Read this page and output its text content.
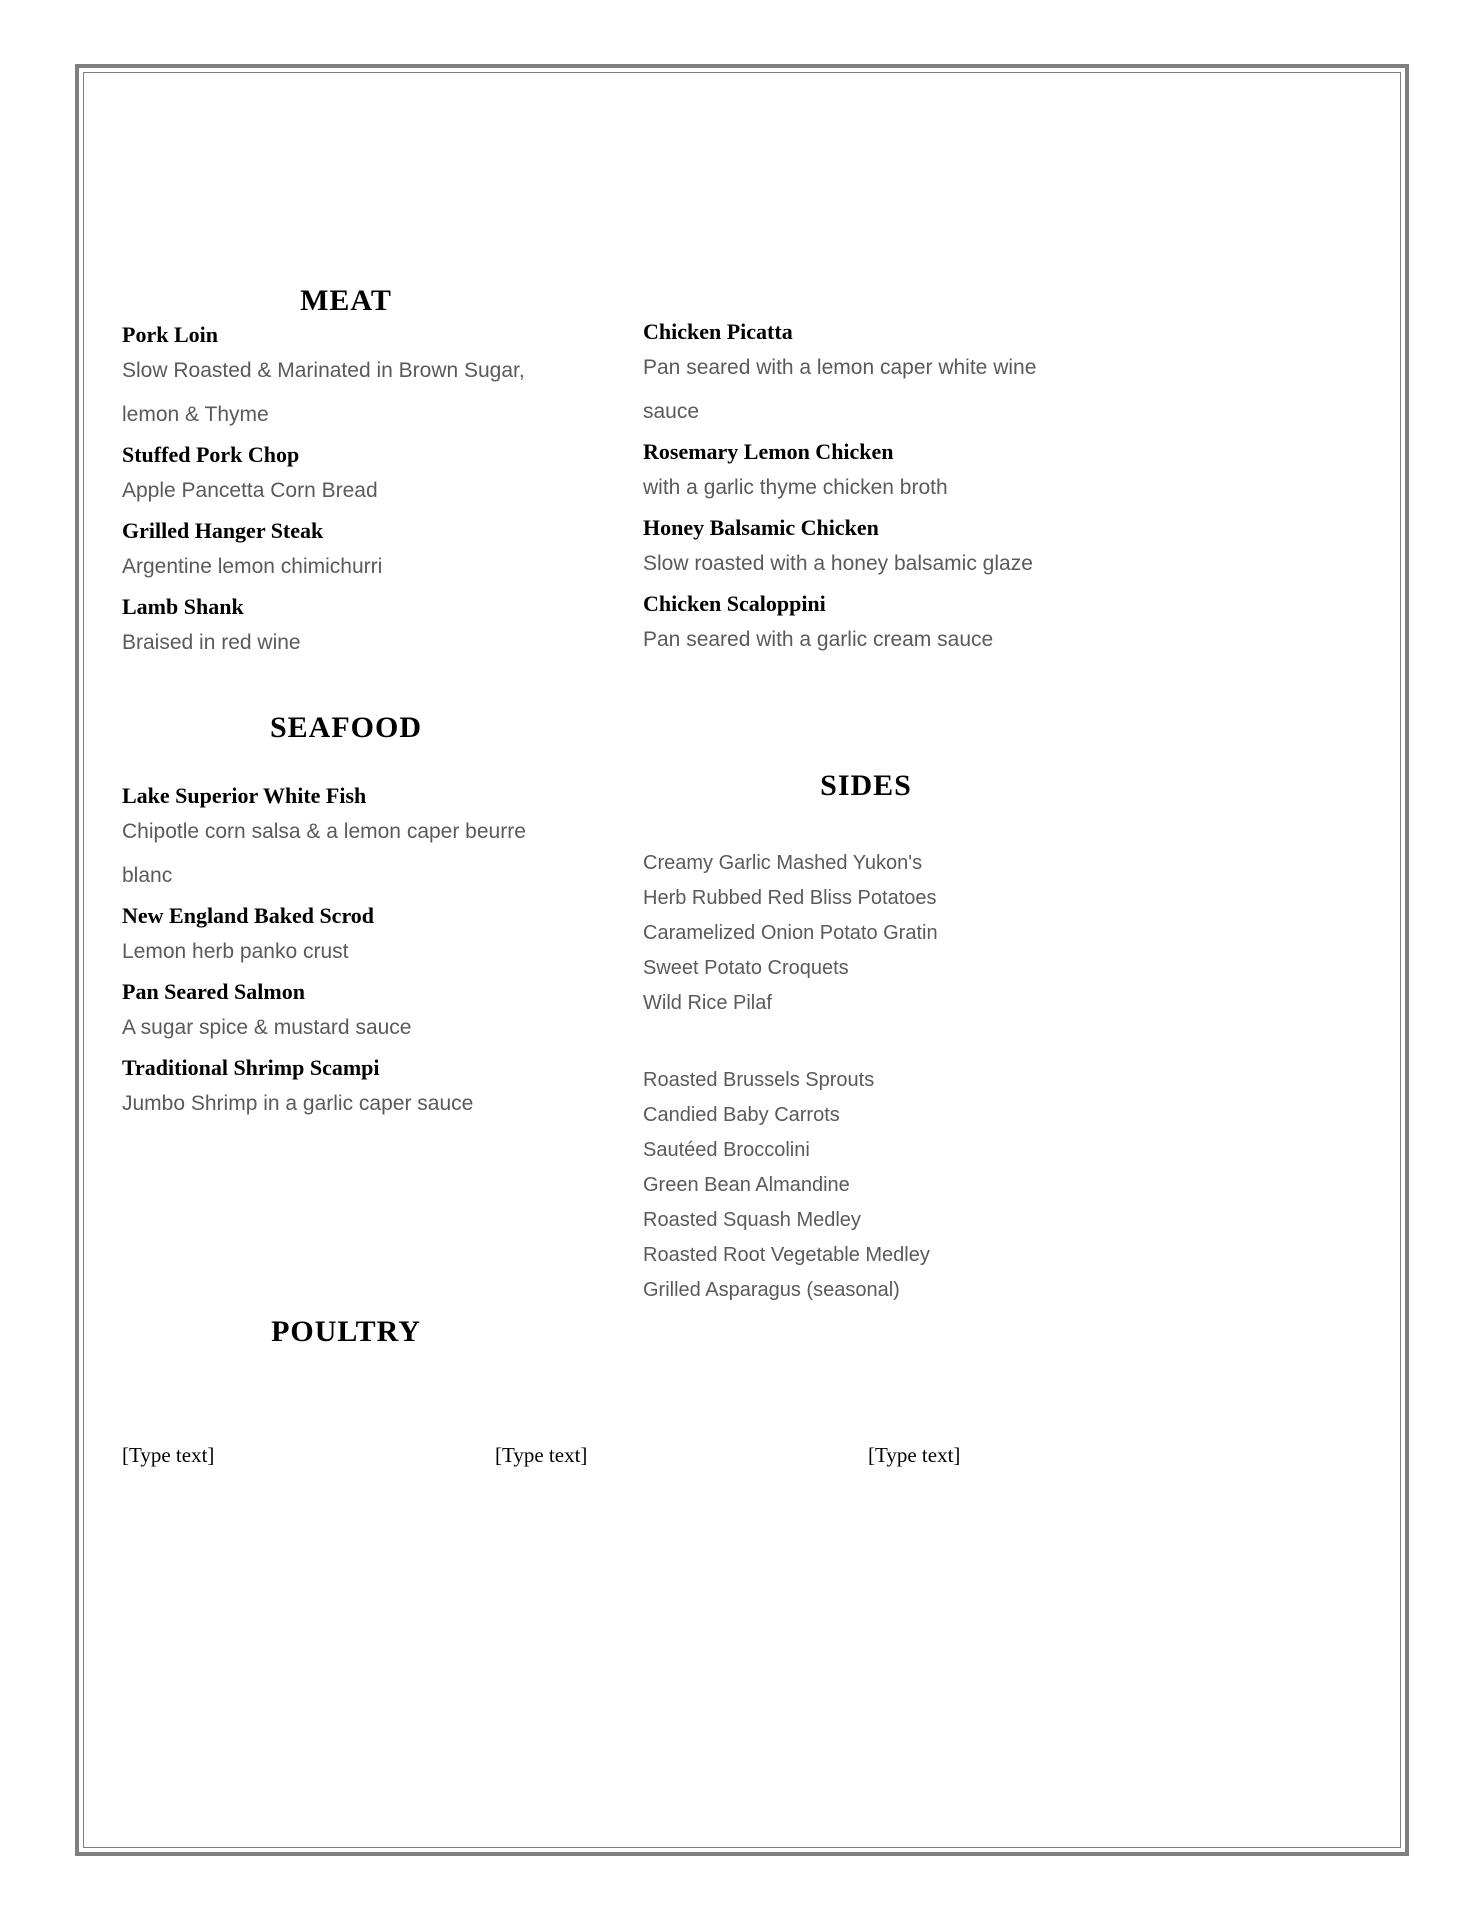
MEAT

Pork Loin

Slow Roasted & Marinated in Brown Sugar, lemon & Thyme

Stuffed Pork Chop

Apple Pancetta Corn Bread

Grilled Hanger Steak

Argentine lemon chimichurri

Lamb Shank

Braised in red wine

SEAFOOD

Lake Superior White Fish

Chipotle corn salsa & a lemon caper beurre blanc

New England Baked Scrod

Lemon herb panko crust

Pan Seared Salmon

A sugar spice & mustard sauce

Traditional Shrimp Scampi

Jumbo Shrimp in a garlic caper sauce

POULTRY

Chicken Picatta

Pan seared with a lemon caper white wine sauce

Rosemary Lemon Chicken

with a garlic thyme chicken broth

Honey Balsamic Chicken

Slow roasted with a honey balsamic glaze

Chicken Scaloppini

Pan seared with a garlic cream sauce

SIDES

Creamy Garlic Mashed Yukon's

Herb Rubbed Red Bliss Potatoes

Caramelized Onion Potato Gratin

Sweet Potato Croquets

Wild Rice Pilaf

Roasted Brussels Sprouts

Candied Baby Carrots

Sautéed Broccolini

Green Bean Almandine

Roasted Squash Medley

Roasted Root Vegetable Medley

Grilled Asparagus (seasonal)

[Type text]	[Type text]	[Type text]
